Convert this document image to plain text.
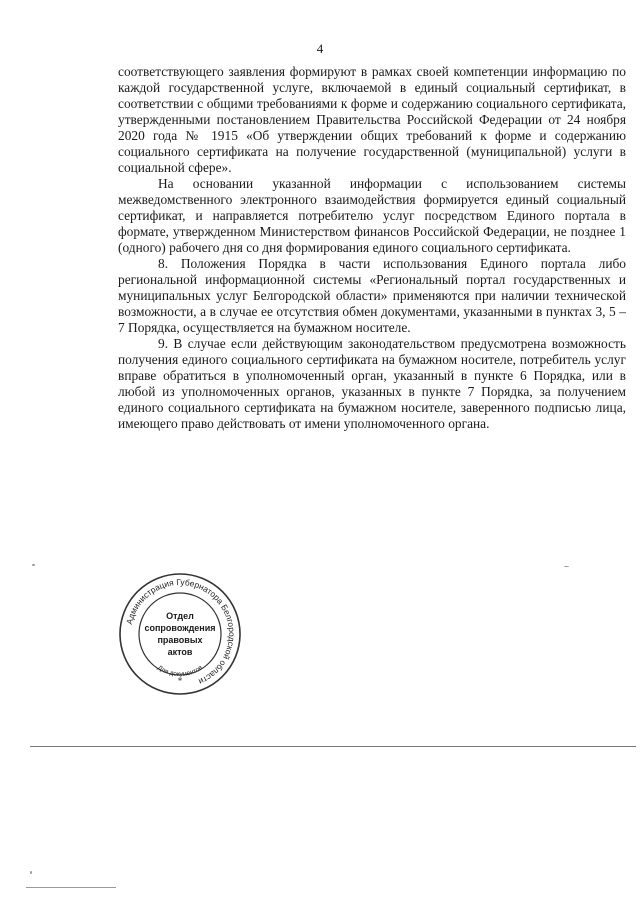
4

соответствующего заявления формируют в рамках своей компетенции информацию по каждой государственной услуге, включаемой в единый социальный сертификат, в соответствии с общими требованиями к форме и содержанию социального сертификата, утвержденными постановлением Правительства Российской Федерации от 24 ноября 2020 года № 1915 «Об утверждении общих требований к форме и содержанию социального сертификата на получение государственной (муниципальной) услуги в социальной сфере».

На основании указанной информации с использованием системы межведомственного электронного взаимодействия формируется единый социальный сертификат, и направляется потребителю услуг посредством Единого портала в формате, утвержденном Министерством финансов Российской Федерации, не позднее 1 (одного) рабочего дня со дня формирования единого социального сертификата.

8. Положения Порядка в части использования Единого портала либо региональной информационной системы «Региональный портал государственных и муниципальных услуг Белгородской области» применяются при наличии технической возможности, а в случае ее отсутствия обмен документами, указанными в пунктах 3, 5 – 7 Порядка, осуществляется на бумажном носителе.

9. В случае если действующим законодательством предусмотрена возможность получения единого социального сертификата на бумажном носителе, потребитель услуг вправе обратиться в уполномоченный орган, указанный в пункте 6 Порядка, или в любой из уполномоченных органов, указанных в пункте 7 Порядка, за получением единого социального сертификата на бумажном носителе, заверенного подписью лица, имеющего право действовать от имени уполномоченного органа.

Администрация Губернатора Белгородской области
Для документов
*
Отдел
сопровождения
правовых
актов
